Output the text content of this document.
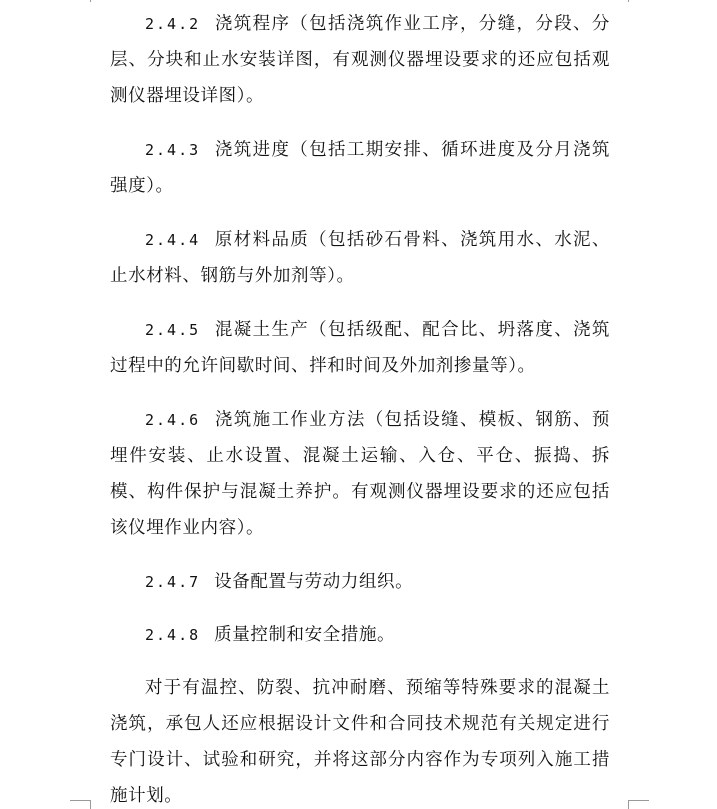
2.4.2 浇筑程序（包括浇筑作业工序，分缝，分段、分层、分块和止水安装详图，有观测仪器埋设要求的还应包括观测仪器埋设详图）。

2.4.3 浇筑进度（包括工期安排、循环进度及分月浇筑强度）。

2.4.4 原材料品质（包括砂石骨料、浇筑用水、水泥、止水材料、钢筋与外加剂等）。

2.4.5 混凝土生产（包括级配、配合比、坍落度、浇筑过程中的允许间歇时间、拌和时间及外加剂掺量等）。

2.4.6 浇筑施工作业方法（包括设缝、模板、钢筋、预埋件安装、止水设置、混凝土运输、入仓、平仓、振捣、拆模、构件保护与混凝土养护。有观测仪器埋设要求的还应包括该仪埋作业内容）。

2.4.7 设备配置与劳动力组织。

2.4.8 质量控制和安全措施。

对于有温控、防裂、抗冲耐磨、预缩等特殊要求的混凝土浇筑，承包人还应根据设计文件和合同技术规范有关规定进行专门设计、试验和研究，并将这部分内容作为专项列入施工措施计划。
